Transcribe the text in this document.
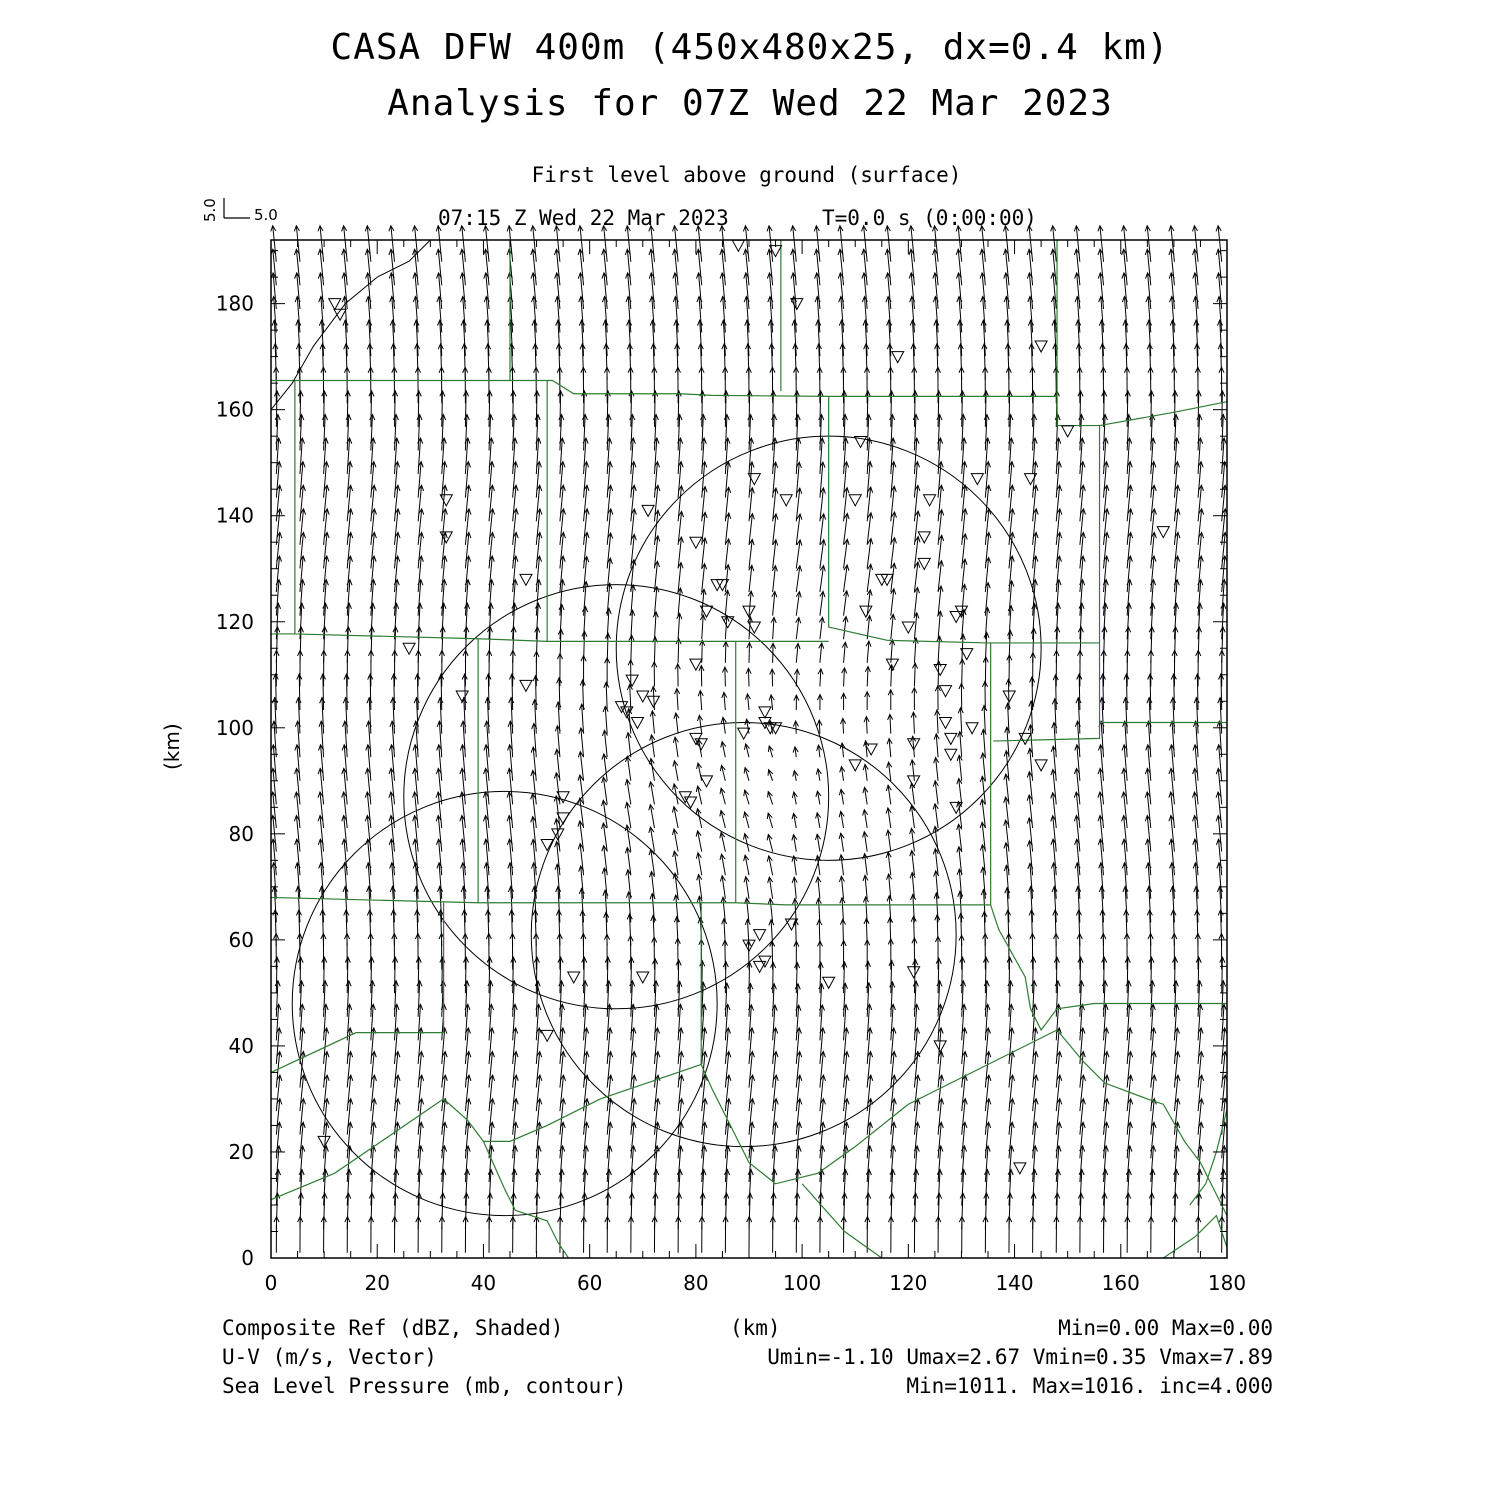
CASA DFW 400m (450x480x25, dx=0.4 km)
Analysis for 07Z Wed 22 Mar 2023
First level above ground (surface)
07:15 Z Wed 22 Mar 2023	T=0.0 s (0:00:00)
0	20	40	60	80	100	120	140	160	180
0
20
40
60
80
100
120
140
160
180
5.0
5.0
(km)
(km)
Composite Ref (dBZ, Shaded)	Min=0.00 Max=0.00
U-V (m/s, Vector)	Umin=-1.10 Umax=2.67 Vmin=0.35 Vmax=7.89
Sea Level Pressure (mb, contour)	Min=1011. Max=1016. inc=4.000
